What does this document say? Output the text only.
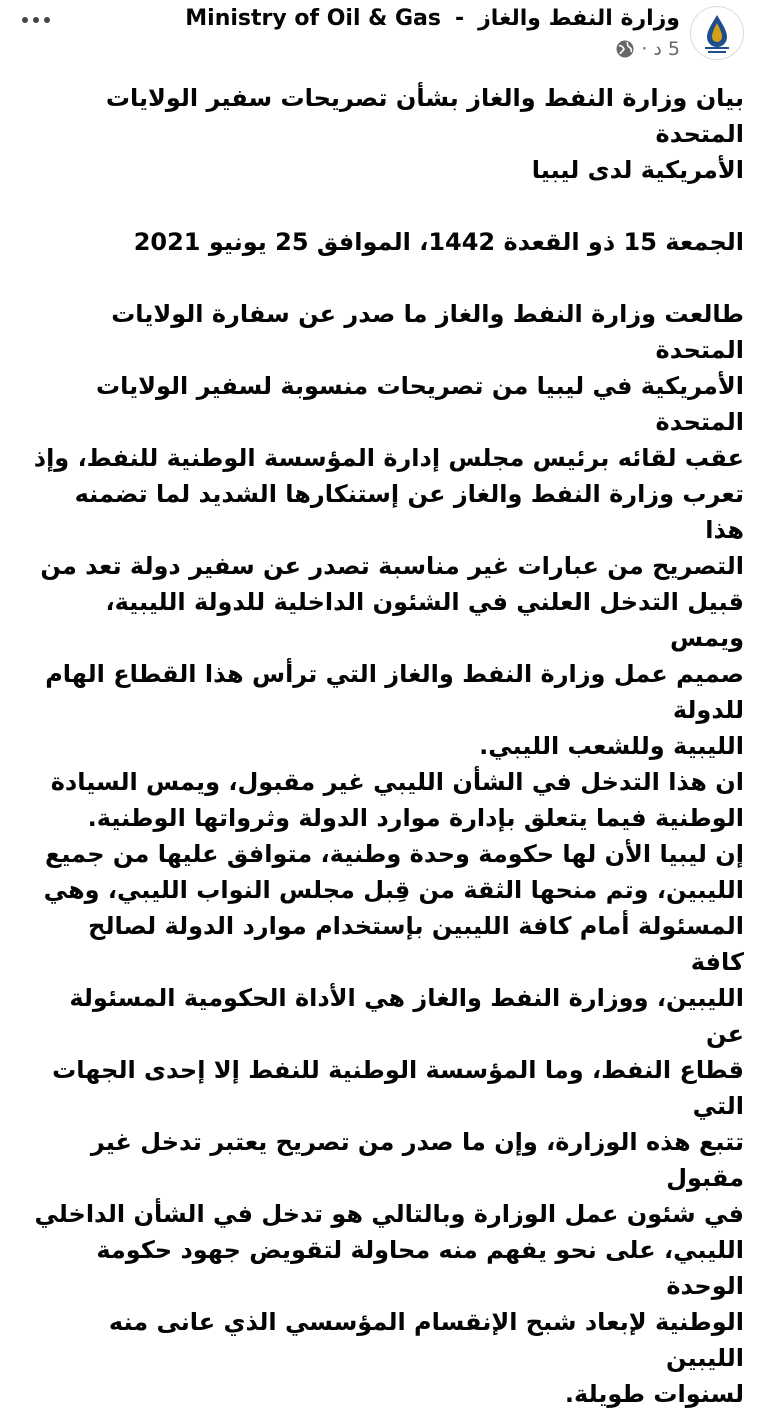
Ministry of Oil & Gas - وزارة النفط والغاز
5 د
·

بيان وزارة النفط والغاز بشأن تصريحات سفير الولايات المتحدة

الأمريكية لدى ليبيا

الجمعة 15 ذو القعدة 1442، الموافق 25 يونيو 2021

طالعت وزارة النفط والغاز ما صدر عن سفارة الولايات المتحدة

الأمريكية في ليبيا من تصريحات منسوبة لسفير الولايات المتحدة

عقب لقائه برئيس مجلس إدارة المؤسسة الوطنية للنفط، وإذ

تعرب وزارة النفط والغاز عن إستنكارها الشديد لما تضمنه هذا

التصريح من عبارات غير مناسبة تصدر عن سفير دولة تعد من

قبيل التدخل العلني في الشئون الداخلية للدولة الليبية، ويمس

صميم عمل وزارة النفط والغاز التي ترأس هذا القطاع الهام للدولة

الليبية وللشعب الليبي.

ان هذا التدخل في الشأن الليبي غير مقبول، ويمس السيادة

الوطنية فيما يتعلق بإدارة موارد الدولة وثرواتها الوطنية.

إن ليبيا الأن لها حكومة وحدة وطنية، متوافق عليها من جميع

الليبين، وتم منحها الثقة من قِبل مجلس النواب الليبي، وهي

المسئولة أمام كافة الليبين بإستخدام موارد الدولة لصالح كافة

الليبين، ووزارة النفط والغاز هي الأداة الحكومية المسئولة عن

قطاع النفط، وما المؤسسة الوطنية للنفط إلا إحدى الجهات التي

تتبع هذه الوزارة، وإن ما صدر من تصريح يعتبر تدخل غير مقبول

في شئون عمل الوزارة وبالتالي هو تدخل في الشأن الداخلي

الليبي، على نحو يفهم منه محاولة لتقويض جهود حكومة الوحدة

الوطنية لإبعاد شبح الإنقسام المؤسسي الذي عانى منه الليبين

لسنوات طويلة.
